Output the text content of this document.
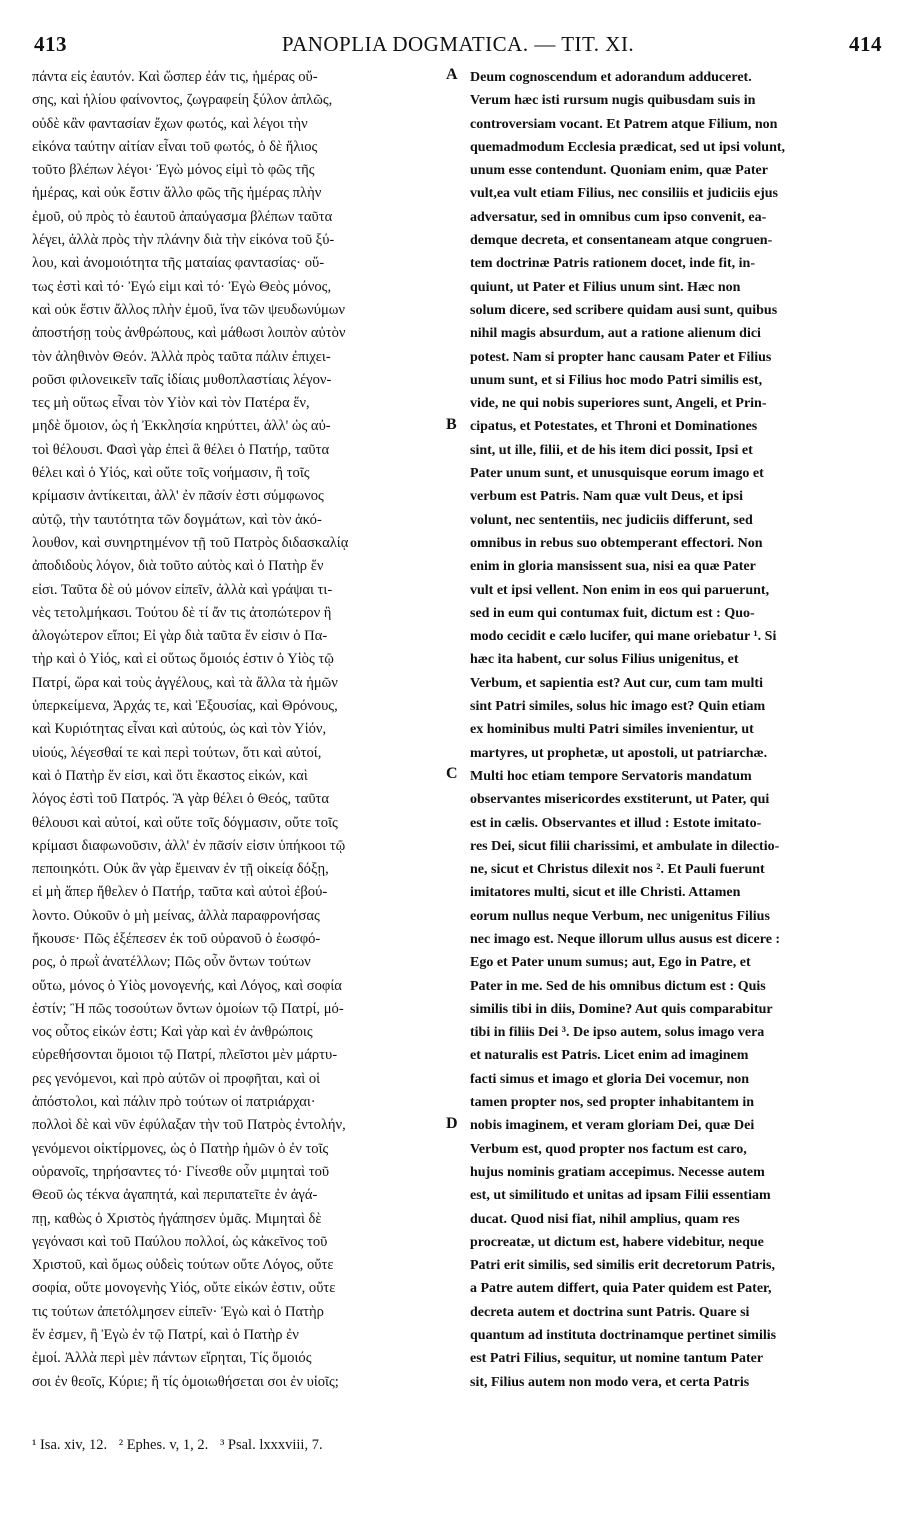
413	PANOPLIA DOGMATICA. — TIT. XI.	414
πάντα εἰς ἑαυτόν. Καὶ ὥσπερ ἐάν τις, ἡμέρας οὔ-
σης, καὶ ἡλίου φαίνοντος, ζωγραφείη ξύλον ἁπλῶς,
οὐδὲ κἂν φαντασίαν ἔχων φωτός, καὶ λέγοι τὴν
εἰκόνα ταύτην αἰτίαν εἶναι τοῦ φωτός, ὁ δὲ ἥλιος
τοῦτο βλέπων λέγοι· Ἐγὼ μόνος εἰμὶ τὸ φῶς τῆς
ἡμέρας, καὶ οὐκ ἔστιν ἄλλο φῶς τῆς ἡμέρας πλὴν
ἐμοῦ, οὐ πρὸς τὸ ἑαυτοῦ ἀπαύγασμα βλέπων ταῦτα
λέγει, ἀλλὰ πρὸς τὴν πλάνην διὰ τὴν εἰκόνα τοῦ ξύ-
λου, καὶ ἀνομοιότητα τῆς ματαίας φαντασίας· οὕ-
τως ἐστὶ καὶ τό· Ἐγώ εἰμι καὶ τό· Ἐγὼ Θεὸς μόνος,
καὶ οὐκ ἔστιν ἄλλος πλὴν ἐμοῦ, ἵνα τῶν ψευδωνύμων
ἀποστήσῃ τοὺς ἀνθρώπους, καὶ μάθωσι λοιπὸν αὐτὸν
τὸν ἀληθινὸν Θεόν. Ἀλλὰ πρὸς ταῦτα πάλιν ἐπιχει-
ροῦσι φιλονεικεῖν ταῖς ἰδίαις μυθοπλαστίαις λέγον-
τες μὴ οὕτως εἶναι τὸν Υἱὸν καὶ τὸν Πατέρα ἕν,
μηδὲ ὅμοιον, ὡς ἡ Ἐκκλησία κηρύττει, ἀλλ' ὡς αὐ-
τοὶ θέλουσι. Φασὶ γὰρ ἐπεὶ ἃ θέλει ὁ Πατήρ, ταῦτα
θέλει καὶ ὁ Υἱός, καὶ οὔτε τοῖς νοήμασιν, ἢ τοῖς
κρίμασιν ἀντίκειται, ἀλλ' ἐν πᾶσίν ἐστι σύμφωνος
αὐτῷ, τὴν ταυτότητα τῶν δογμάτων, καὶ τὸν ἀκό-
λουθον, καὶ συνηρτημένον τῇ τοῦ Πατρὸς διδασκαλίᾳ
ἀποδιδοὺς λόγον, διὰ τοῦτο αὐτὸς καὶ ὁ Πατὴρ ἕν
εἰσι. Ταῦτα δὲ οὐ μόνον εἰπεῖν, ἀλλὰ καὶ γράψαι τι-
νὲς τετολμήκασι. Τούτου δὲ τί ἄν τις ἀτοπώτερον ἢ
ἀλογώτερον εἴποι; Εἰ γὰρ διὰ ταῦτα ἕν εἰσιν ὁ Πα-
τὴρ καὶ ὁ Υἱός, καὶ εἰ οὕτως ὅμοιός ἐστιν ὁ Υἱὸς τῷ
Πατρί, ὥρα καὶ τοὺς ἀγγέλους, καὶ τὰ ἄλλα τὰ ἡμῶν
ὑπερκείμενα, Ἀρχάς τε, καὶ Ἐξουσίας, καὶ Θρόνους,
καὶ Κυριότητας εἶναι καὶ αὐτούς, ὡς καὶ τὸν Υἱόν,
υἱούς, λέγεσθαί τε καὶ περὶ τούτων, ὅτι καὶ αὐτοί,
καὶ ὁ Πατὴρ ἕν εἰσι, καὶ ὅτι ἕκαστος εἰκών, καὶ
λόγος ἐστὶ τοῦ Πατρός. Ἃ γὰρ θέλει ὁ Θεός, ταῦτα
θέλουσι καὶ αὐτοί, καὶ οὔτε τοῖς δόγμασιν, οὔτε τοῖς
κρίμασι διαφωνοῦσιν, ἀλλ' ἐν πᾶσίν εἰσιν ὑπήκοοι τῷ
πεποιηκότι. Οὐκ ἂν γὰρ ἔμειναν ἐν τῇ οἰκείᾳ δόξῃ,
εἰ μὴ ἅπερ ἤθελεν ὁ Πατήρ, ταῦτα καὶ αὐτοὶ ἐβού-
λοντο. Οὐκοῦν ὁ μὴ μείνας, ἀλλὰ παραφρονήσας
ἤκουσε· Πῶς ἐξέπεσεν ἐκ τοῦ οὐρανοῦ ὁ ἑωσφό-
ρος, ὁ πρωῒ ἀνατέλλων; Πῶς οὖν ὄντων τούτων
οὕτω, μόνος ὁ Υἱὸς μονογενής, καὶ Λόγος, καὶ σοφία
ἐστίν; Ἢ πῶς τοσούτων ὄντων ὁμοίων τῷ Πατρί, μό-
νος οὗτος εἰκών ἐστι; Καὶ γὰρ καὶ ἐν ἀνθρώποις
εὑρεθήσονται ὅμοιοι τῷ Πατρί, πλεῖστοι μὲν μάρτυ-
ρες γενόμενοι, καὶ πρὸ αὐτῶν οἱ προφῆται, καὶ οἱ
ἀπόστολοι, καὶ πάλιν πρὸ τούτων οἱ πατριάρχαι·
πολλοὶ δὲ καὶ νῦν ἐφύλαξαν τὴν τοῦ Πατρὸς ἐντολήν,
γενόμενοι οἰκτίρμονες, ὡς ὁ Πατὴρ ἡμῶν ὁ ἐν τοῖς
οὐρανοῖς, τηρήσαντες τό· Γίνεσθε οὖν μιμηταὶ τοῦ
Θεοῦ ὡς τέκνα ἀγαπητά, καὶ περιπατεῖτε ἐν ἀγά-
πῃ, καθὼς ὁ Χριστὸς ἠγάπησεν ὑμᾶς. Μιμηταὶ δὲ
γεγόνασι καὶ τοῦ Παύλου πολλοί, ὡς κἀκεῖνος τοῦ
Χριστοῦ, καὶ ὅμως οὐδεὶς τούτων οὔτε Λόγος, οὔτε
σοφία, οὔτε μονογενὴς Υἱός, οὔτε εἰκών ἐστιν, οὔτε
τις τούτων ἀπετόλμησεν εἰπεῖν· Ἐγὼ καὶ ὁ Πατὴρ
ἕν ἐσμεν, ἢ Ἐγὼ ἐν τῷ Πατρί, καὶ ὁ Πατὴρ ἐν
ἐμοί. Ἀλλὰ περὶ μὲν πάντων εἴρηται, Τίς ὅμοιός
σοι ἐν θεοῖς, Κύριε; ἢ τίς ὁμοιωθήσεται σοι ἐν υἱοῖς;
Deum cognoscendum et adorandum adduceret.
Verum hæc isti rursum nugis quibusdam suis in
controversiam vocant. Et Patrem atque Filium, non
quemadmodum Ecclesia prædicat, sed ut ipsi volunt,
unum esse contendunt. Quoniam enim, quæ Pater
vult,ea vult etiam Filius, nec consiliis et judiciis ejus
adversatur, sed in omnibus cum ipso convenit, ea-
demque decreta, et consentaneam atque congruen-
tem doctrinæ Patris rationem docet, inde fit, in-
quiunt, ut Pater et Filius unum sint. Hæc non
solum dicere, sed scribere quidam ausi sunt, quibus
nihil magis absurdum, aut a ratione alienum dici
potest. Nam si propter hanc causam Pater et Filius
unum sunt, et si Filius hoc modo Patri similis est,
vide, ne qui nobis superiores sunt, Angeli, et Prin-
cipatus, et Potestates, et Throni et Dominationes
sint, ut ille, filii, et de his item dici possit, Ipsi et
Pater unum sunt, et unusquisque eorum imago et
verbum est Patris. Nam quæ vult Deus, et ipsi
volunt, nec sententiis, nec judiciis differunt, sed
omnibus in rebus suo obtemperant effectori. Non
enim in gloria mansissent sua, nisi ea quæ Pater
vult et ipsi vellent. Non enim in eos qui paruerunt,
sed in eum qui contumax fuit, dictum est : Quo-
modo cecidit e cælo lucifer, qui mane oriebatur ¹. Si
hæc ita habent, cur solus Filius unigenitus, et
Verbum, et sapientia est? Aut cur, cum tam multi
sint Patri similes, solus hic imago est? Quin etiam
ex hominibus multi Patri similes invenientur, ut
martyres, ut prophetæ, ut apostoli, ut patriarchæ.
Multi hoc etiam tempore Servatoris mandatum
observantes misericordes exstiterunt, ut Pater, qui
est in cælis. Observantes et illud : Estote imitato-
res Dei, sicut filii charissimi, et ambulate in dilectio-
ne, sicut et Christus dilexit nos ². Et Pauli fuerunt
imitatores multi, sicut et ille Christi. Attamen
eorum nullus neque Verbum, nec unigenitus Filius
nec imago est. Neque illorum ullus ausus est dicere :
Ego et Pater unum sumus; aut, Ego in Patre, et
Pater in me. Sed de his omnibus dictum est : Quis
similis tibi in diis, Domine? Aut quis comparabitur
tibi in filiis Dei ³. De ipso autem, solus imago vera
et naturalis est Patris. Licet enim ad imaginem
facti simus et imago et gloria Dei vocemur, non
tamen propter nos, sed propter inhabitantem in
nobis imaginem, et veram gloriam Dei, quæ Dei
Verbum est, quod propter nos factum est caro,
hujus nominis gratiam accepimus. Necesse autem
est, ut similitudo et unitas ad ipsam Filii essentiam
ducat. Quod nisi fiat, nihil amplius, quam res
procreatæ, ut dictum est, habere videbitur, neque
Patri erit similis, sed similis erit decretorum Patris,
a Patre autem differt, quia Pater quidem est Pater,
decreta autem et doctrina sunt Patris. Quare si
quantum ad instituta doctrinamque pertinet similis
est Patri Filius, sequitur, ut nomine tantum Pater
sit, Filius autem non modo vera, et certa Patris
A
B
C
D
¹ Isa. xiv, 12. ² Ephes. v, 1, 2. ³ Psal. lxxxviii, 7.
